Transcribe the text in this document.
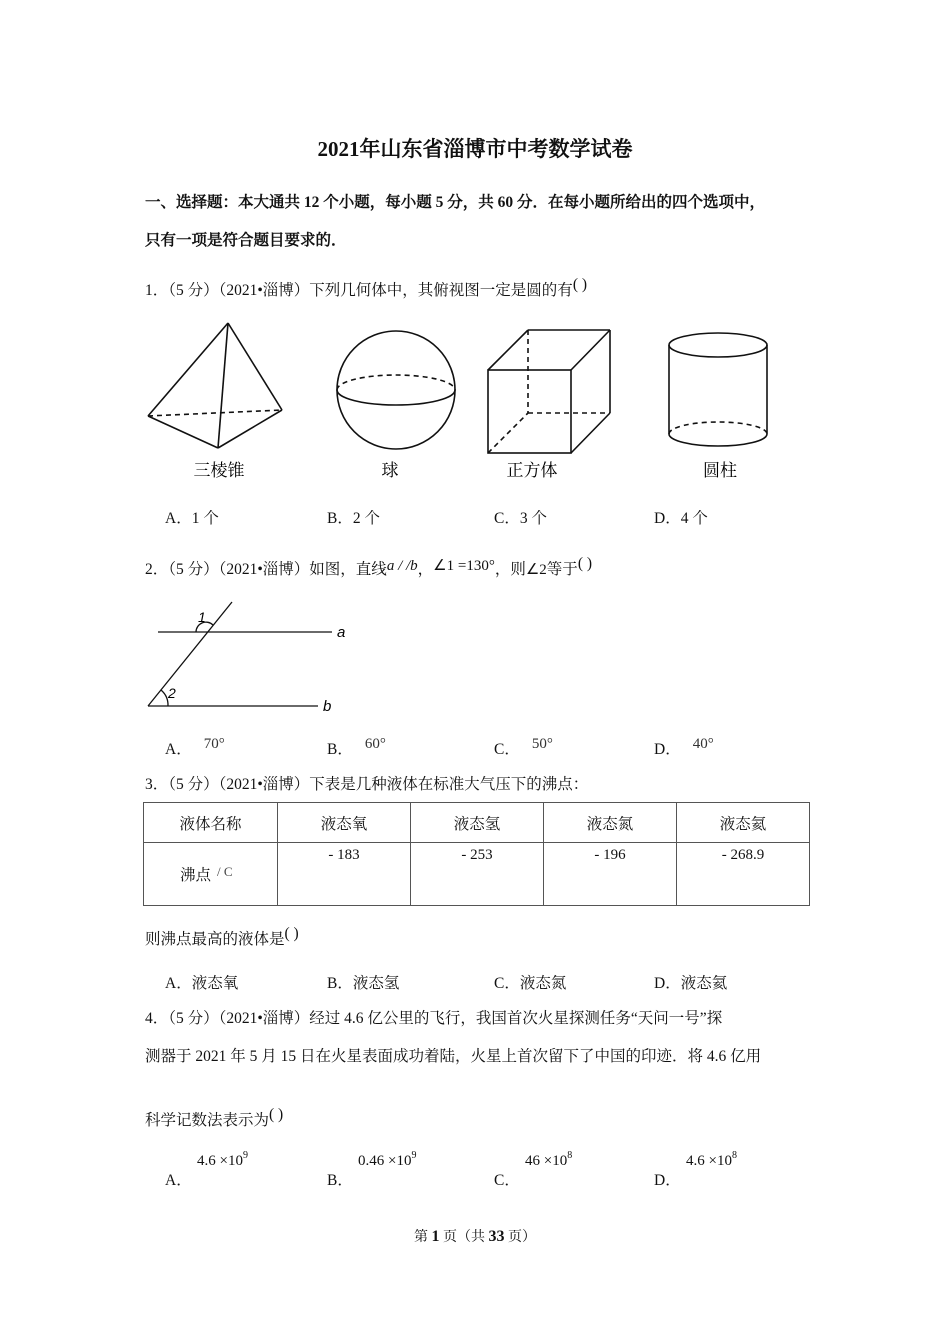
2021年山东省淄博市中考数学试卷
一、选择题：本大通共 12 个小题，每小题 5 分，共 60 分．在每小题所给出的四个选项中，
只有一项是符合题目要求的．
1．（5 分）（2021•淄博）下列几何体中，其俯视图一定是圆的有( )
三棱锥	球	正方体	圆柱
A．1 个	B．2 个	C．3 个	D．4 个
2．（5 分）（2021•淄博）如图，直线a / /b，∠1 =130°，则∠2等于( )
1
2
a
b
A． 70°	B． 60°	C． 50°	D． 40°
3．（5 分）（2021•淄博）下表是几种液体在标准大气压下的沸点：
液体名称	液态氧	液态氢	液态氮	液态氦
沸点 $^{/ C}$	- 183	- 253	- 196	- 268.9
则沸点最高的液体是( )
A．液态氧	B．液态氢	C．液态氮	D．液态氦
4．（5 分）（2021•淄博）经过 4.6 亿公里的飞行，我国首次火星探测任务“天问一号”探
测器于 2021 年 5 月 15 日在火星表面成功着陆，火星上首次留下了中国的印迹．将 4.6 亿用
科学记数法表示为( )
A．
$4.6 \times 10^9$
B．
$0.46 \times 10^9$
C．
$46 \times 10^8$
D．
$4.6 \times 10^8$
第 1 页（共 33 页）
